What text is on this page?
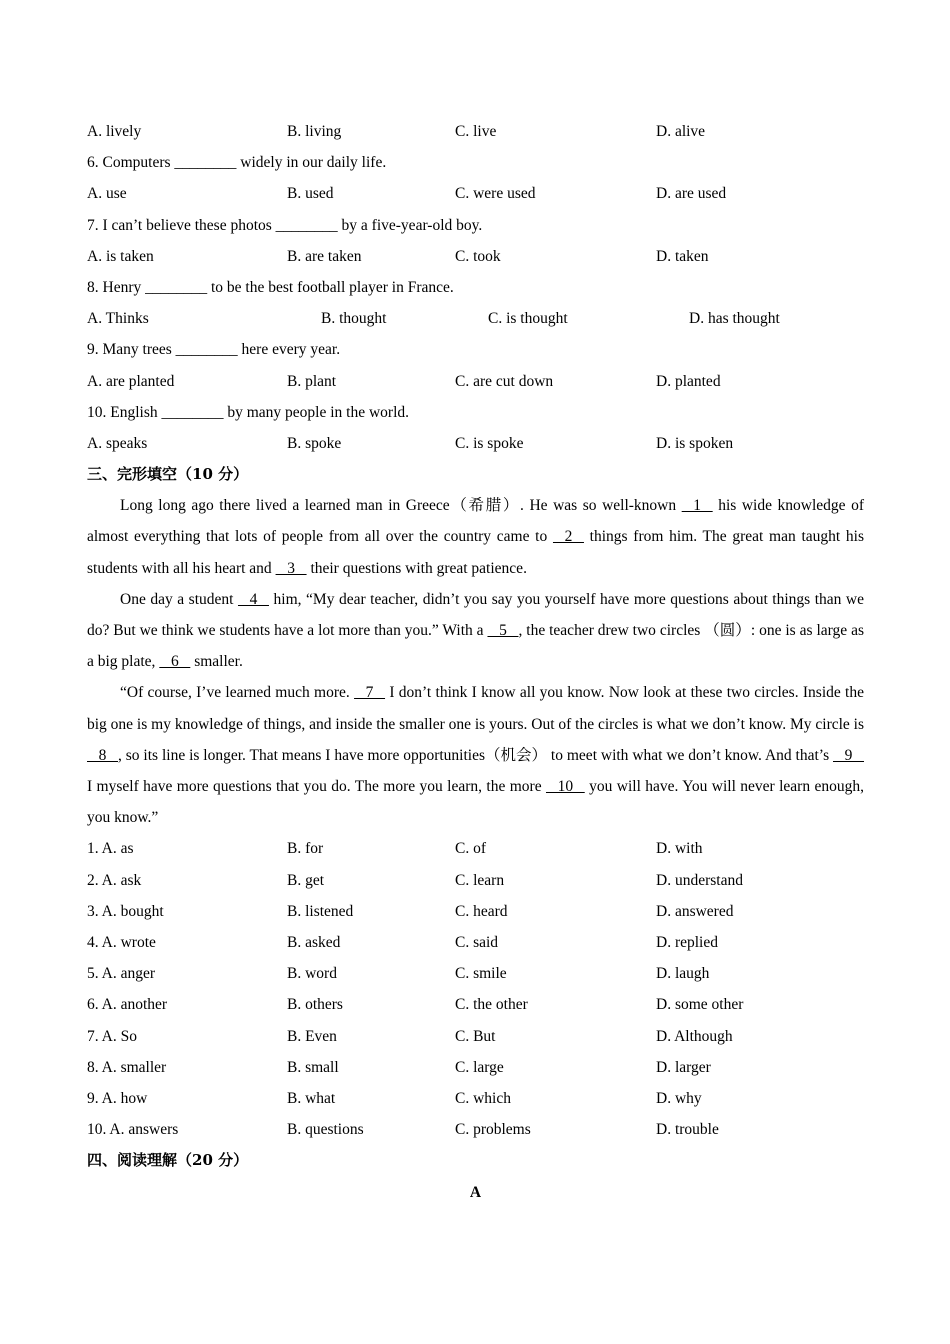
A. lively	B. living	C. live	D. alive
6. Computers ________ widely in our daily life.
A. use	B. used	C. were used	D. are used
7. I can’t believe these photos ________ by a five-year-old boy.
A. is taken	B. are taken	C. took	D. taken
8. Henry ________ to be the best football player in France.
A. Thinks	B. thought	C. is thought	D. has thought
9. Many trees ________ here every year.
A. are planted	B. plant	C. are cut down	D. planted
10. English ________ by many people in the world.
A. speaks	B. spoke	C. is spoke	D. is spoken
三、完形填空（10 分）

Long long ago there lived a learned man in Greece（希腊）. He was so well-known    1    his wide knowledge of almost everything that lots of people from all over the country came to    2    things from him. The great man taught his students with all his heart and    3    their questions with great patience.

One day a student    4    him, “My dear teacher, didn’t you say you yourself have more questions about things than we do? But we think we students have a lot more than you.” With a    5   , the teacher drew two circles （圆）: one is as large as a big plate,    6    smaller.

“Of course, I’ve learned much more.    7    I don’t think I know all you know. Now look at these two circles. Inside the big one is my knowledge of things, and inside the smaller one is yours. Out of the circles is what we don’t know. My circle is    8   , so its line is longer. That means I have more opportunities（机会） to meet with what we don’t know. And that’s    9    I myself have more questions that you do. The more you learn, the more    10    you will have. You will never learn enough, you know.”

1. A. as	B. for	C. of	D. with
2. A. ask	B. get	C. learn	D. understand
3. A. bought	B. listened	C. heard	D. answered
4. A. wrote	B. asked	C. said	D. replied
5. A. anger	B. word	C. smile	D. laugh
6. A. another	B. others	C. the other	D. some other
7. A. So	B. Even	C. But	D. Although
8. A. smaller	B. small	C. large	D. larger
9. A. how	B. what	C. which	D. why
10. A. answers	B. questions	C. problems	D. trouble
四、阅读理解（20 分）
A
